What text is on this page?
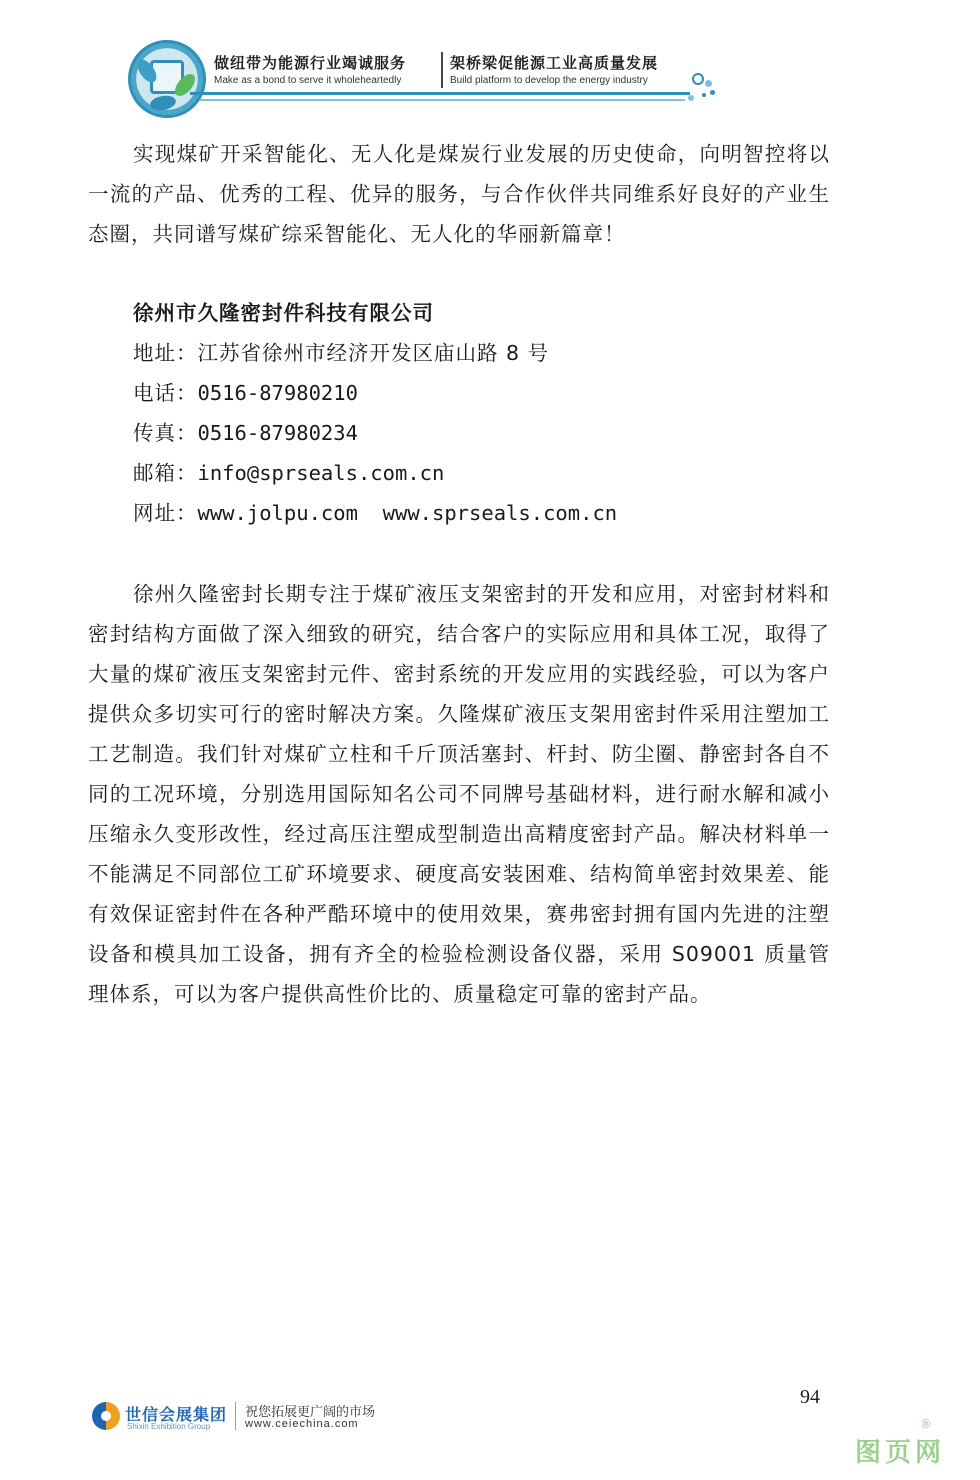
做纽带为能源行业竭诚服务	架桥梁促能源工业高质量发展
Make as a bond to serve it wholeheartedly	Build platform to develop the energy industry

实现煤矿开采智能化、无人化是煤炭行业发展的历史使命，向明智控将以一流的产品、优秀的工程、优异的服务，与合作伙伴共同维系好良好的产业生态圈，共同谱写煤矿综采智能化、无人化的华丽新篇章！

徐州市久隆密封件科技有限公司

地址：江苏省徐州市经济开发区庙山路 8 号

电话：0516-87980210

传真：0516-87980234

邮箱：info@sprseals.com.cn

网址：www.jolpu.com  www.sprseals.com.cn

徐州久隆密封长期专注于煤矿液压支架密封的开发和应用，对密封材料和密封结构方面做了深入细致的研究，结合客户的实际应用和具体工况，取得了大量的煤矿液压支架密封元件、密封系统的开发应用的实践经验，可以为客户提供众多切实可行的密时解决方案。久隆煤矿液压支架用密封件采用注塑加工工艺制造。我们针对煤矿立柱和千斤顶活塞封、杆封、防尘圈、静密封各自不同的工况环境，分别选用国际知名公司不同牌号基础材料，进行耐水解和减小压缩永久变形改性，经过高压注塑成型制造出高精度密封产品。解决材料单一不能满足不同部位工矿环境要求、硬度高安装困难、结构简单密封效果差、能有效保证密封件在各种严酷环境中的使用效果，赛弗密封拥有国内先进的注塑设备和模具加工设备，拥有齐全的检验检测设备仪器，采用 S09001 质量管理体系，可以为客户提供高性价比的、质量稳定可靠的密封产品。

94
世信会展集团
Shixin Exhibition Group
祝您拓展更广阔的市场
www.ceiechina.com
图页网
®
